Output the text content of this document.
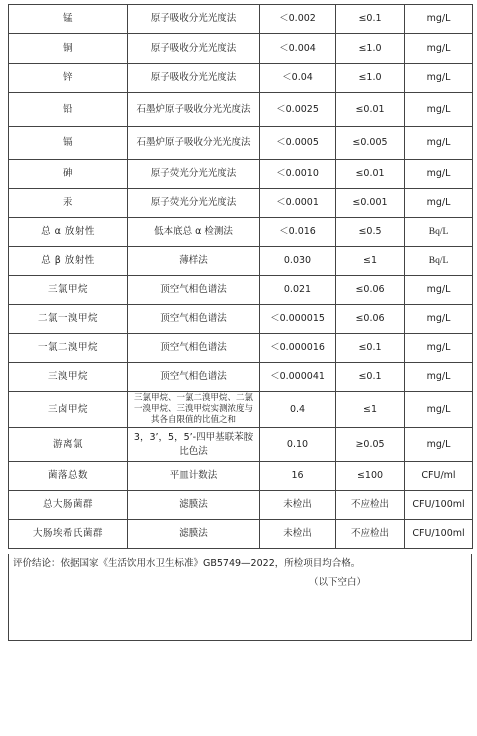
锰	原子吸收分光光度法	＜0.002	≤0.1	mg/L
铜	原子吸收分光光度法	＜0.004	≤1.0	mg/L
锌	原子吸收分光光度法	＜0.04	≤1.0	mg/L
铅	石墨炉原子吸收分光光度法	＜0.0025	≤0.01	mg/L
镉	石墨炉原子吸收分光光度法	＜0.0005	≤0.005	mg/L
砷	原子荧光分光光度法	＜0.0010	≤0.01	mg/L
汞	原子荧光分光光度法	＜0.0001	≤0.001	mg/L
总 α 放射性	低本底总 α 检测法	＜0.016	≤0.5	Bq/L
总 β 放射性	薄样法	0.030	≤1	Bq/L
三氯甲烷	顶空气相色谱法	0.021	≤0.06	mg/L
二氯一溴甲烷	顶空气相色谱法	＜0.000015	≤0.06	mg/L
一氯二溴甲烷	顶空气相色谱法	＜0.000016	≤0.1	mg/L
三溴甲烷	顶空气相色谱法	＜0.000041	≤0.1	mg/L
三卤甲烷	三氯甲烷、一氯二溴甲烷、二氯一溴甲烷、三溴甲烷实测浓度与其各自限值的比值之和	0.4	≤1	mg/L
游离氯	3，3’，5，5’-四甲基联苯胺比色法	0.10	≥0.05	mg/L
菌落总数	平皿计数法	16	≤100	CFU/ml
总大肠菌群	滤膜法	未检出	不应检出	CFU/100ml
大肠埃希氏菌群	滤膜法	未检出	不应检出	CFU/100ml
评价结论：依据国家《生活饮用水卫生标准》GB5749—2022，所检项目均合格。
（以下空白）
